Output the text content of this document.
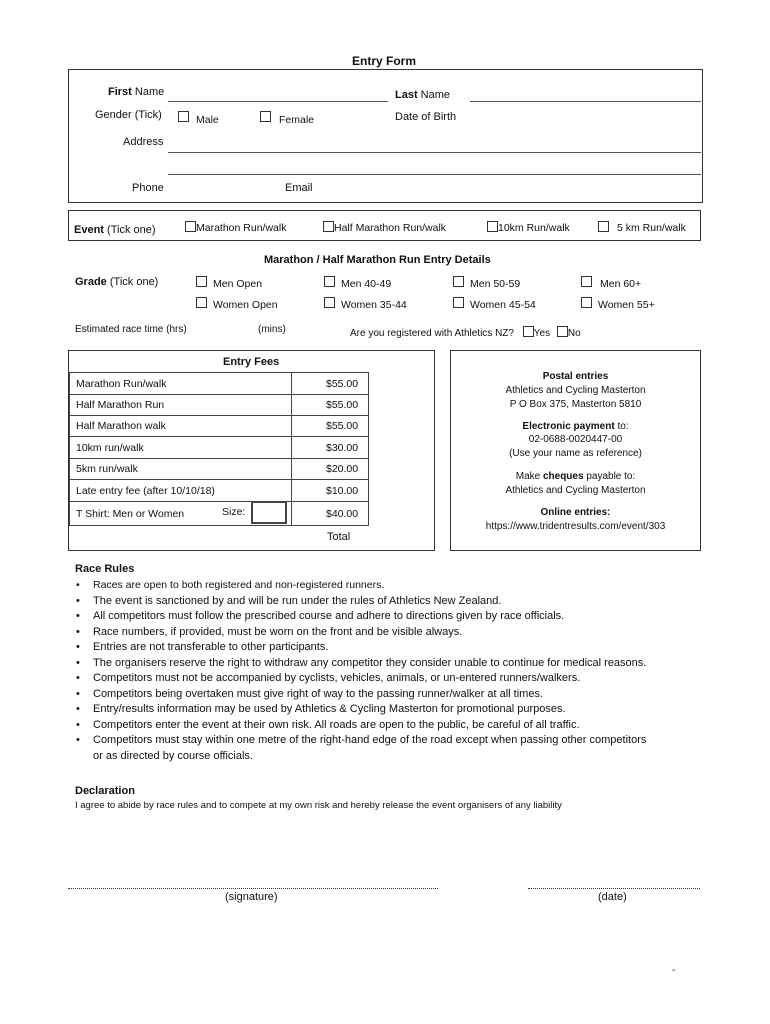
Entry Form
First Name	Last Name
Gender (Tick)	Male	Female	Date of Birth
Address
Phone	Email
Event (Tick one)	Marathon Run/walk	Half Marathon Run/walk	10km Run/walk	5 km Run/walk
Marathon / Half Marathon Run Entry Details
Grade (Tick one)	Men Open	Men 40-49	Men 50-59	Men 60+
Women Open	Women 35-44	Women 45-54	Women 55+
Estimated race time (hrs)	(mins)	Are you registered with Athletics NZ? Yes No
Entry Fees
Marathon Run/walk	$55.00
Half Marathon Run	$55.00
Half Marathon walk	$55.00
10km run/walk	$30.00
5km run/walk	$20.00
Late entry fee (after 10/10/18)	$10.00
T Shirt: Men or Women Size:	$40.00
Total
Postal entries
Athletics and Cycling Masterton
P O Box 375, Masterton 5810
Electronic payment to:
02-0688-0020447-00
(Use your name as reference)
Make cheques payable to:
Athletics and Cycling Masterton
Online entries:
https://www.tridentresults.com/event/303
Race Rules
• Races are open to both registered and non-registered runners.
• The event is sanctioned by and will be run under the rules of Athletics New Zealand.
• All competitors must follow the prescribed course and adhere to directions given by race officials.
• Race numbers, if provided, must be worn on the front and be visible always.
• Entries are not transferable to other participants.
• The organisers reserve the right to withdraw any competitor they consider unable to continue for medical reasons.
• Competitors must not be accompanied by cyclists, vehicles, animals, or un-entered runners/walkers.
• Competitors being overtaken must give right of way to the passing runner/walker at all times.
• Entry/results information may be used by Athletics & Cycling Masterton for promotional purposes.
• Competitors enter the event at their own risk. All roads are open to the public, be careful of all traffic.
• Competitors must stay within one metre of the right-hand edge of the road except when passing other competitors or as directed by course officials.
Declaration
I agree to abide by race rules and to compete at my own risk and hereby release the event organisers of any liability
(signature)	(date)
-
